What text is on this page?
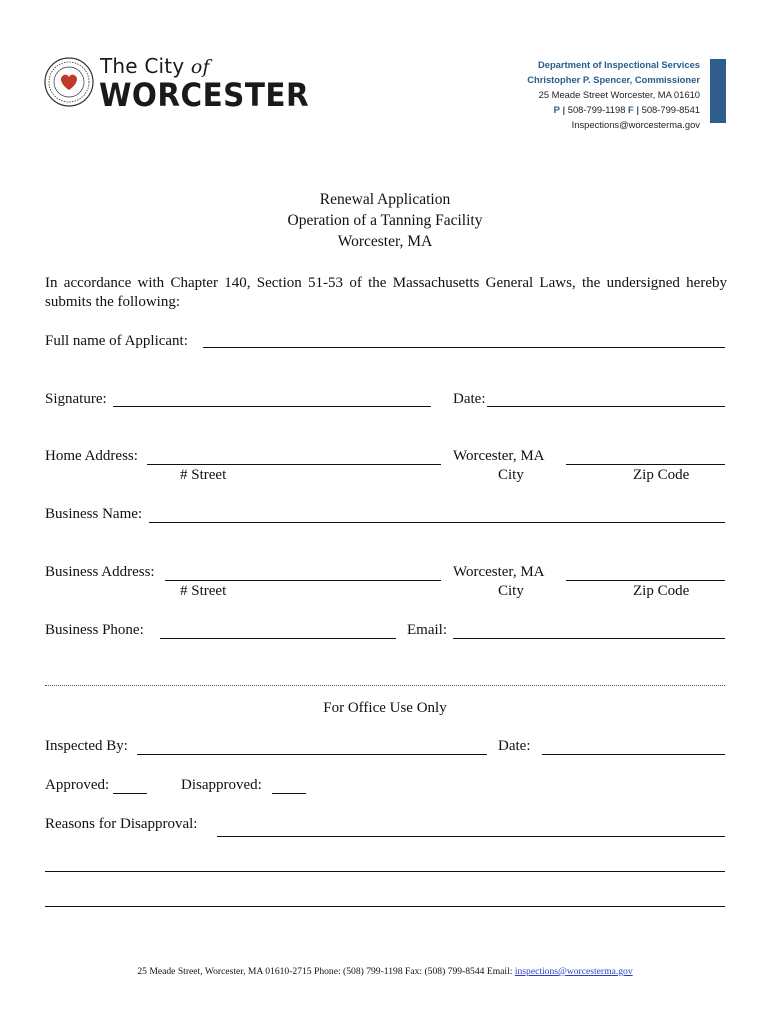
The City of
WORCESTER
Department of Inspectional Services
Christopher P. Spencer, Commissioner
25 Meade Street Worcester, MA 01610
P | 508-799-1198 F | 508-799-8541
Inspections@worcesterma.gov
Renewal Application
Operation of a Tanning Facility
Worcester, MA
In accordance with Chapter 140, Section 51-53 of the Massachusetts General Laws, the undersigned hereby submits the following:
Full name of Applicant:
Signature:	Date:
Home Address:
# Street
Worcester, MA
City	Zip Code
Business Name:
Business Address:
# Street
Worcester, MA
City	Zip Code
Business Phone:	Email:
For Office Use Only
Inspected By:	Date:
Approved:	Disapproved:
Reasons for Disapproval:
25 Meade Street, Worcester, MA 01610-2715 Phone: (508) 799-1198 Fax: (508) 799-8544 Email: inspections@worcesterma.gov
